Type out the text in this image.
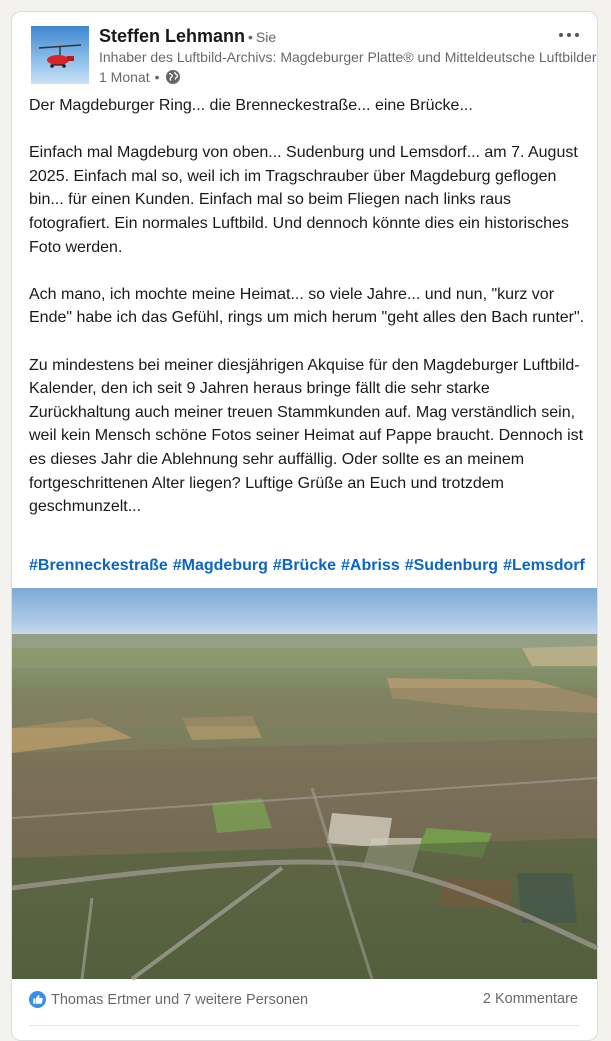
Steffen Lehmann • Sie
Inhaber des Luftbild-Archivs: Magdeburger Platte® und Mitteldeutsche Luftbilder
1 Monat •

Der Magdeburger Ring... die Brenneckestraße... eine Brücke...

Einfach mal Magdeburg von oben... Sudenburg und Lemsdorf... am 7. August 2025. Einfach mal so, weil ich im Tragschrauber über Magdeburg geflogen bin... für einen Kunden. Einfach mal so beim Fliegen nach links raus fotografiert. Ein normales Luftbild. Und dennoch könnte dies ein historisches Foto werden.

Ach mano, ich mochte meine Heimat... so viele Jahre... und nun, "kurz vor Ende" habe ich das Gefühl, rings um mich herum "geht alles den Bach runter".

Zu mindestens bei meiner diesjährigen Akquise für den Magdeburger Luftbild-Kalender, den ich seit 9 Jahren heraus bringe fällt die sehr starke Zurückhaltung auch meiner treuen Stammkunden auf. Mag verständlich sein, weil kein Mensch schöne Fotos seiner Heimat auf Pappe braucht. Dennoch ist es dieses Jahr die Ablehnung sehr auffällig. Oder sollte es an meinem fortgeschrittenen Alter liegen? Luftige Grüße an Euch und trotzdem geschmunzelt...

#Brenneckestraße #Magdeburg #Brücke #Abriss #Sudenburg #Lemsdorf
Thomas Ertmer und 7 weitere Personen	2 Kommentare
